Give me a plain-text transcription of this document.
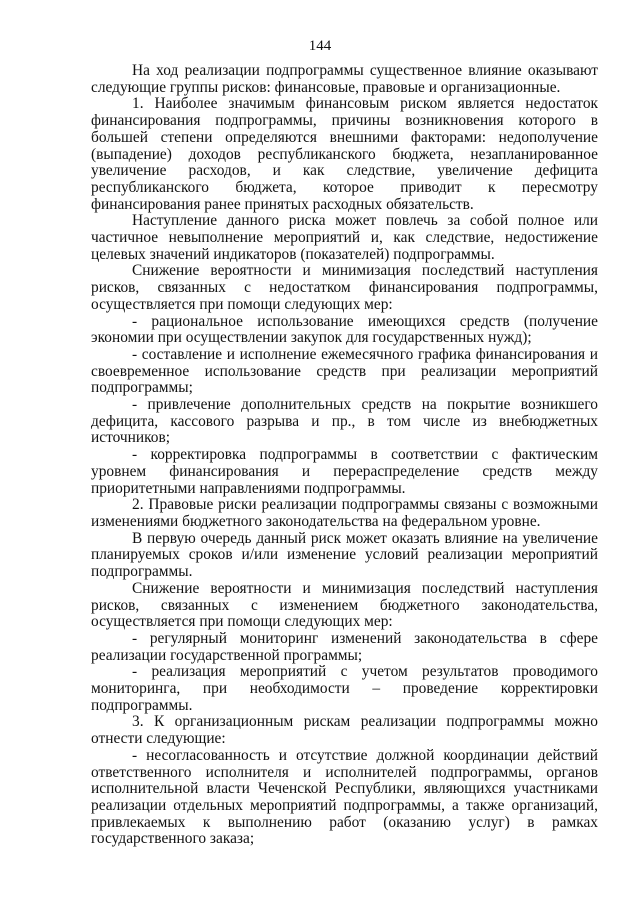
144

На ход реализации подпрограммы существенное влияние оказывают следующие группы рисков: финансовые, правовые и организационные.

1. Наиболее значимым финансовым риском является недостаток финансирования подпрограммы, причины возникновения которого в большей степени определяются внешними факторами: недополучение (выпадение) доходов республиканского бюджета, незапланированное увеличение расходов, и как следствие, увеличение дефицита республиканского бюджета, которое приводит к пересмотру финансирования ранее принятых расходных обязательств.

Наступление данного риска может повлечь за собой полное или частичное невыполнение мероприятий и, как следствие, недостижение целевых значений индикаторов (показателей) подпрограммы.

Снижение вероятности и минимизация последствий наступления рисков, связанных с недостатком финансирования подпрограммы, осуществляется при помощи следующих мер:

- рациональное использование имеющихся средств (получение экономии при осуществлении закупок для государственных нужд);

- составление и исполнение ежемесячного графика финансирования и своевременное использование средств при реализации мероприятий подпрограммы;

- привлечение дополнительных средств на покрытие возникшего дефицита, кассового разрыва и пр., в том числе из внебюджетных источников;

- корректировка подпрограммы в соответствии с фактическим уровнем финансирования и перераспределение средств между приоритетными направлениями подпрограммы.

2. Правовые риски реализации подпрограммы связаны с возможными изменениями бюджетного законодательства на федеральном уровне.

В первую очередь данный риск может оказать влияние на увеличение планируемых сроков и/или изменение условий реализации мероприятий подпрограммы.

Снижение вероятности и минимизация последствий наступления рисков, связанных с изменением бюджетного законодательства, осуществляется при помощи следующих мер:

- регулярный мониторинг изменений законодательства в сфере реализации государственной программы;

- реализация мероприятий с учетом результатов проводимого мониторинга, при необходимости – проведение корректировки подпрограммы.

3. К организационным рискам реализации подпрограммы можно отнести следующие:

- несогласованность и отсутствие должной координации действий ответственного исполнителя и исполнителей подпрограммы, органов исполнительной власти Чеченской Республики, являющихся участниками реализации отдельных мероприятий подпрограммы, а также организаций, привлекаемых к выполнению работ (оказанию услуг) в рамках государственного заказа;
